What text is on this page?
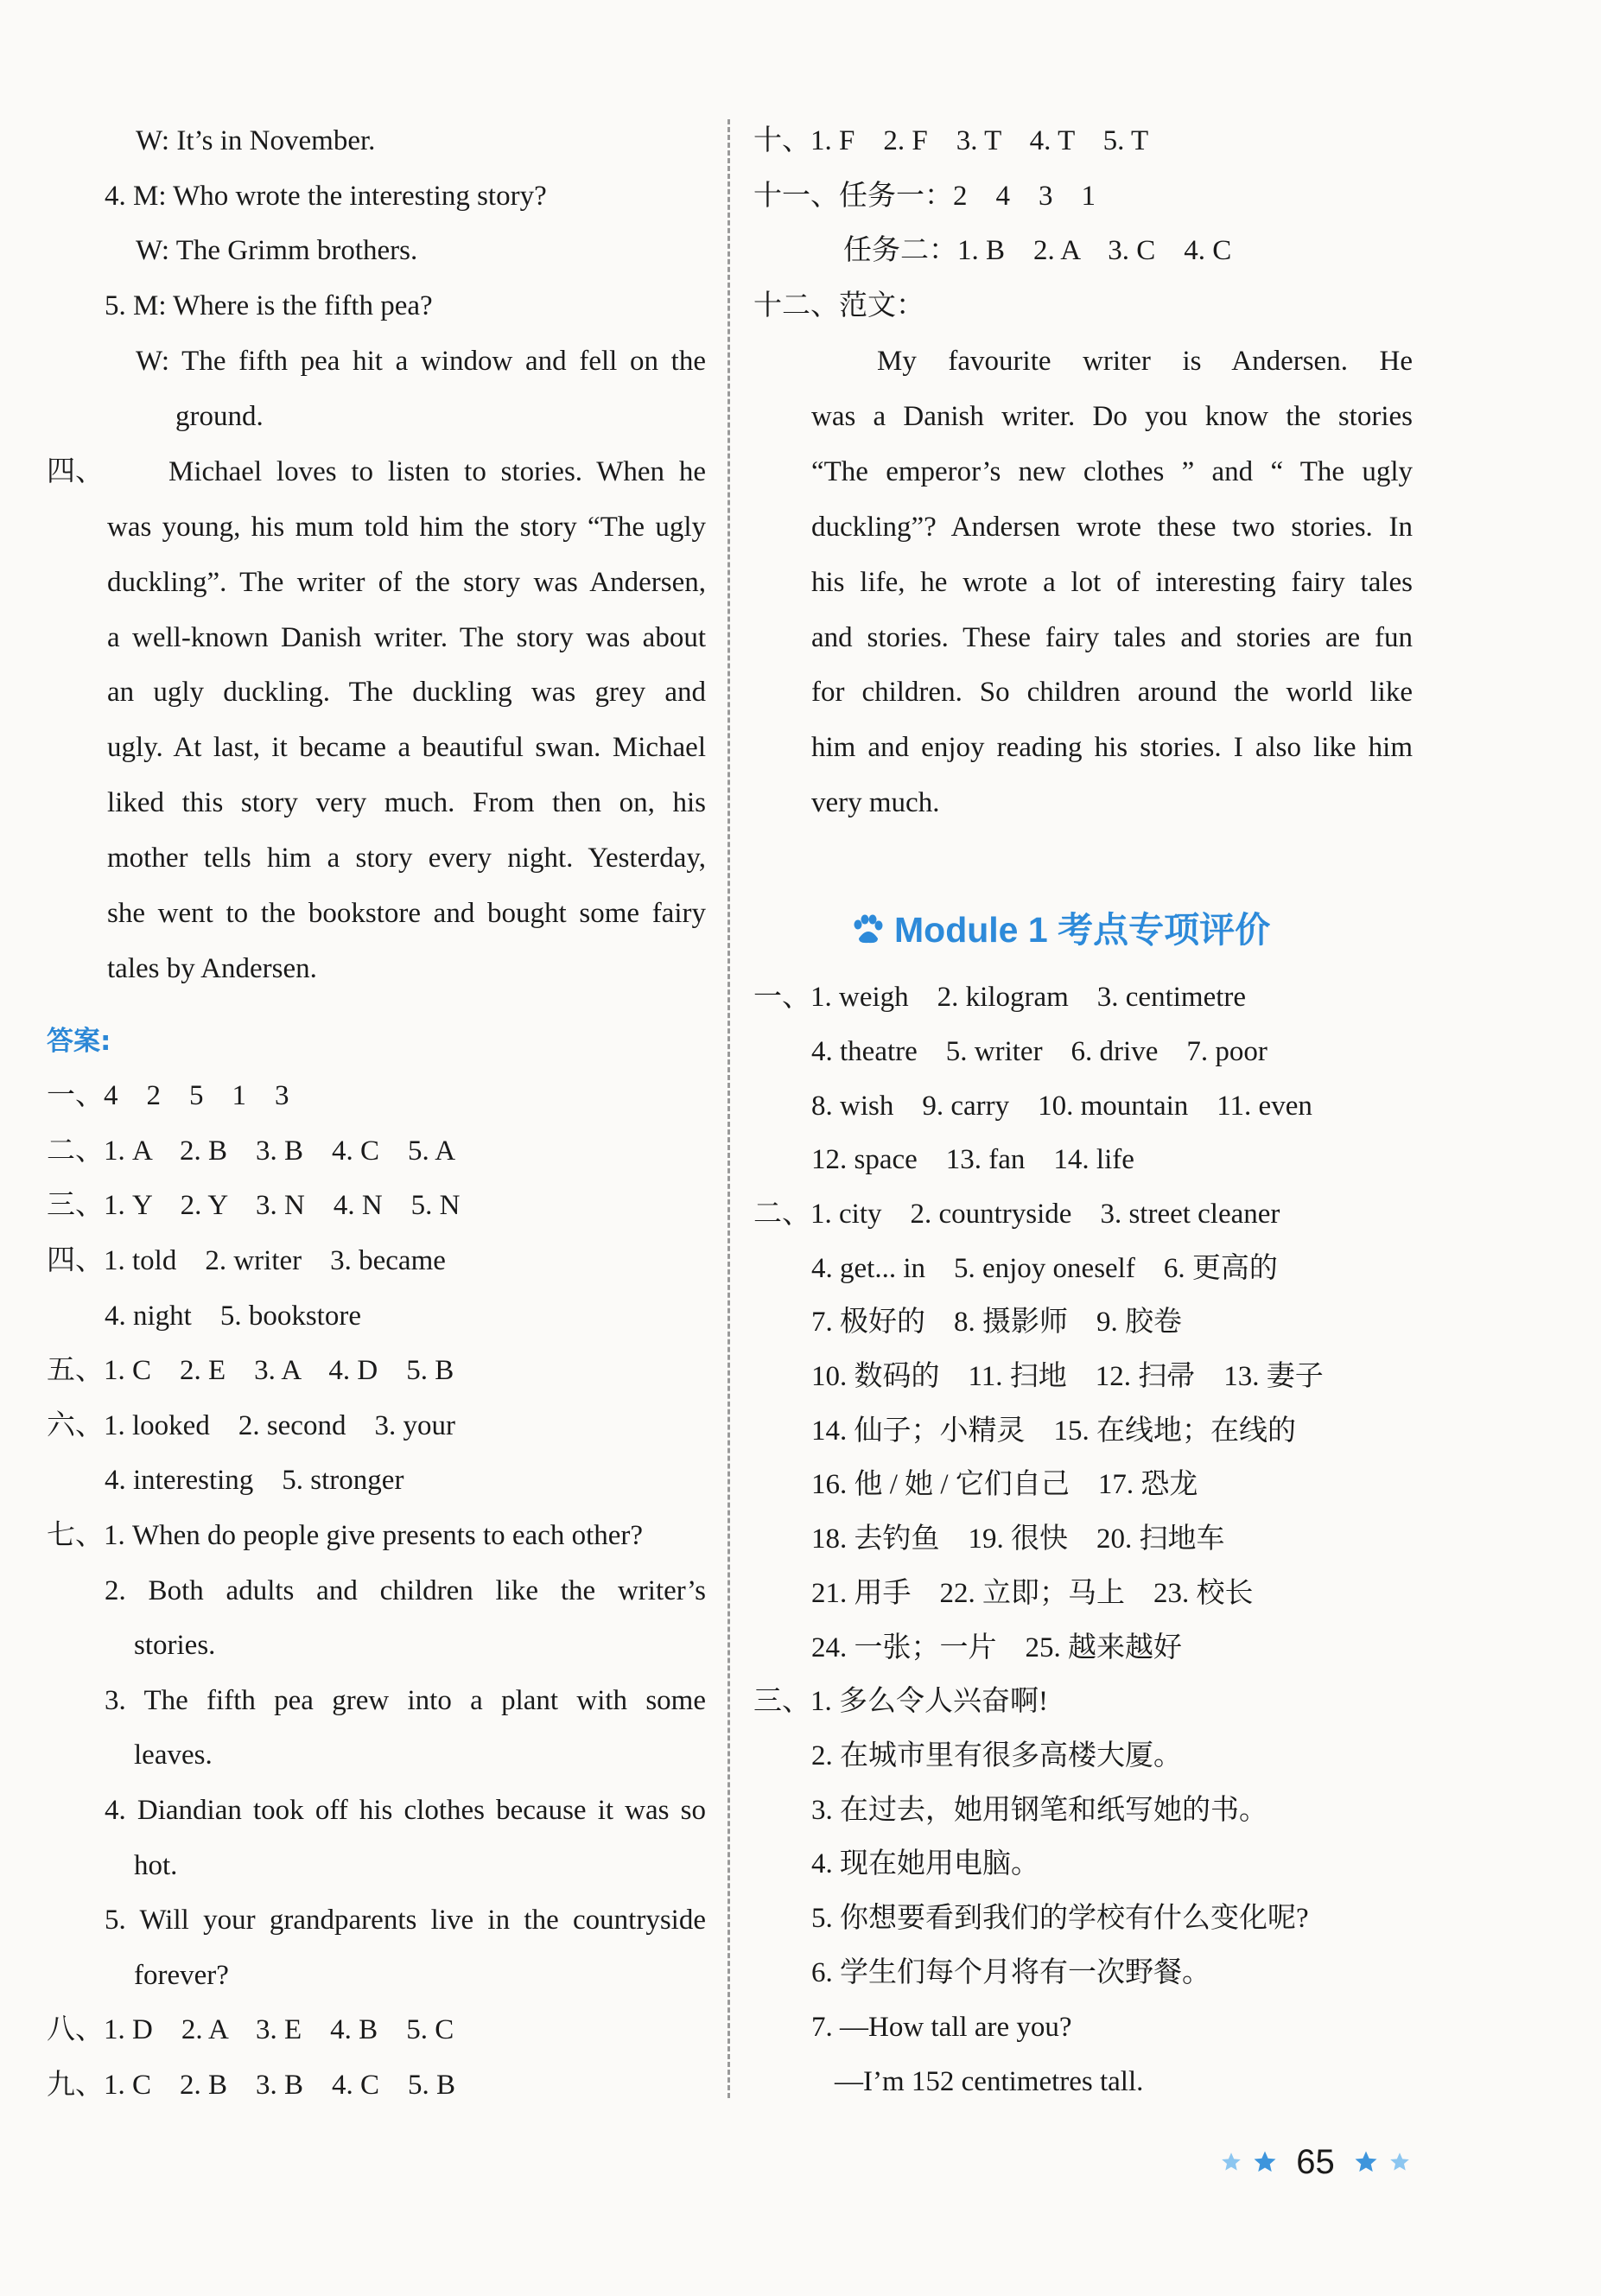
W: It’s in November.
4. M: Who wrote the interesting story?
W: The Grimm brothers.
5. M: Where is the fifth pea?
W: The fifth pea hit a window and fell on the
ground.
四、 Michael loves to listen to stories. When he
was young, his mum told him the story “The ugly
duckling”. The writer of the story was Andersen,
a well-known Danish writer. The story was about
an ugly duckling. The duckling was grey and
ugly. At last, it became a beautiful swan. Michael
liked this story very much. From then on, his
mother tells him a story every night. Yesterday,
she went to the bookstore and bought some fairy
tales by Andersen.
答案:
一、4　2　5　1　3
二、1. A　2. B　3. B　4. C　5. A
三、1. Y　2. Y　3. N　4. N　5. N
四、1. told　2. writer　3. became
4. night　5. bookstore
五、1. C　2. E　3. A　4. D　5. B
六、1. looked　2. second　3. your
4. interesting　5. stronger
七、1. When do people give presents to each other?
2. Both adults and children like the writer’s
stories.
3. The fifth pea grew into a plant with some
leaves.
4. Diandian took off his clothes because it was so
hot.
5. Will your grandparents live in the countryside
forever?
八、1. D　2. A　3. E　4. B　5. C
九、1. C　2. B　3. B　4. C　5. B
十、1. F　2. F　3. T　4. T　5. T
十一、任务一：2　4　3　1
任务二：1. B　2. A　3. C　4. C
十二、范文：
My favourite writer is Andersen. He
was a Danish writer. Do you know the stories
“The emperor’s new clothes ” and “ The ugly
duckling”? Andersen wrote these two stories. In
his life, he wrote a lot of interesting fairy tales
and stories. These fairy tales and stories are fun
for children. So children around the world like
him and enjoy reading his stories. I also like him
very much.
Module 1 考点专项评价
一、1. weigh　2. kilogram　3. centimetre
4. theatre　5. writer　6. drive　7. poor
8. wish　9. carry　10. mountain　11. even
12. space　13. fan　14. life
二、1. city　2. countryside　3. street cleaner
4. get... in　5. enjoy oneself　6. 更高的
7. 极好的　8. 摄影师　9. 胶卷
10. 数码的　11. 扫地　12. 扫帚　13. 妻子
14. 仙子；小精灵　15. 在线地；在线的
16. 他 / 她 / 它们自己　17. 恐龙
18. 去钓鱼　19. 很快　20. 扫地车
21. 用手　22. 立即；马上　23. 校长
24. 一张；一片　25. 越来越好
三、1. 多么令人兴奋啊!
2. 在城市里有很多高楼大厦。
3. 在过去，她用钢笔和纸写她的书。
4. 现在她用电脑。
5. 你想要看到我们的学校有什么变化呢?
6. 学生们每个月将有一次野餐。
7. —How tall are you?
—I’m 152 centimetres tall.
65
